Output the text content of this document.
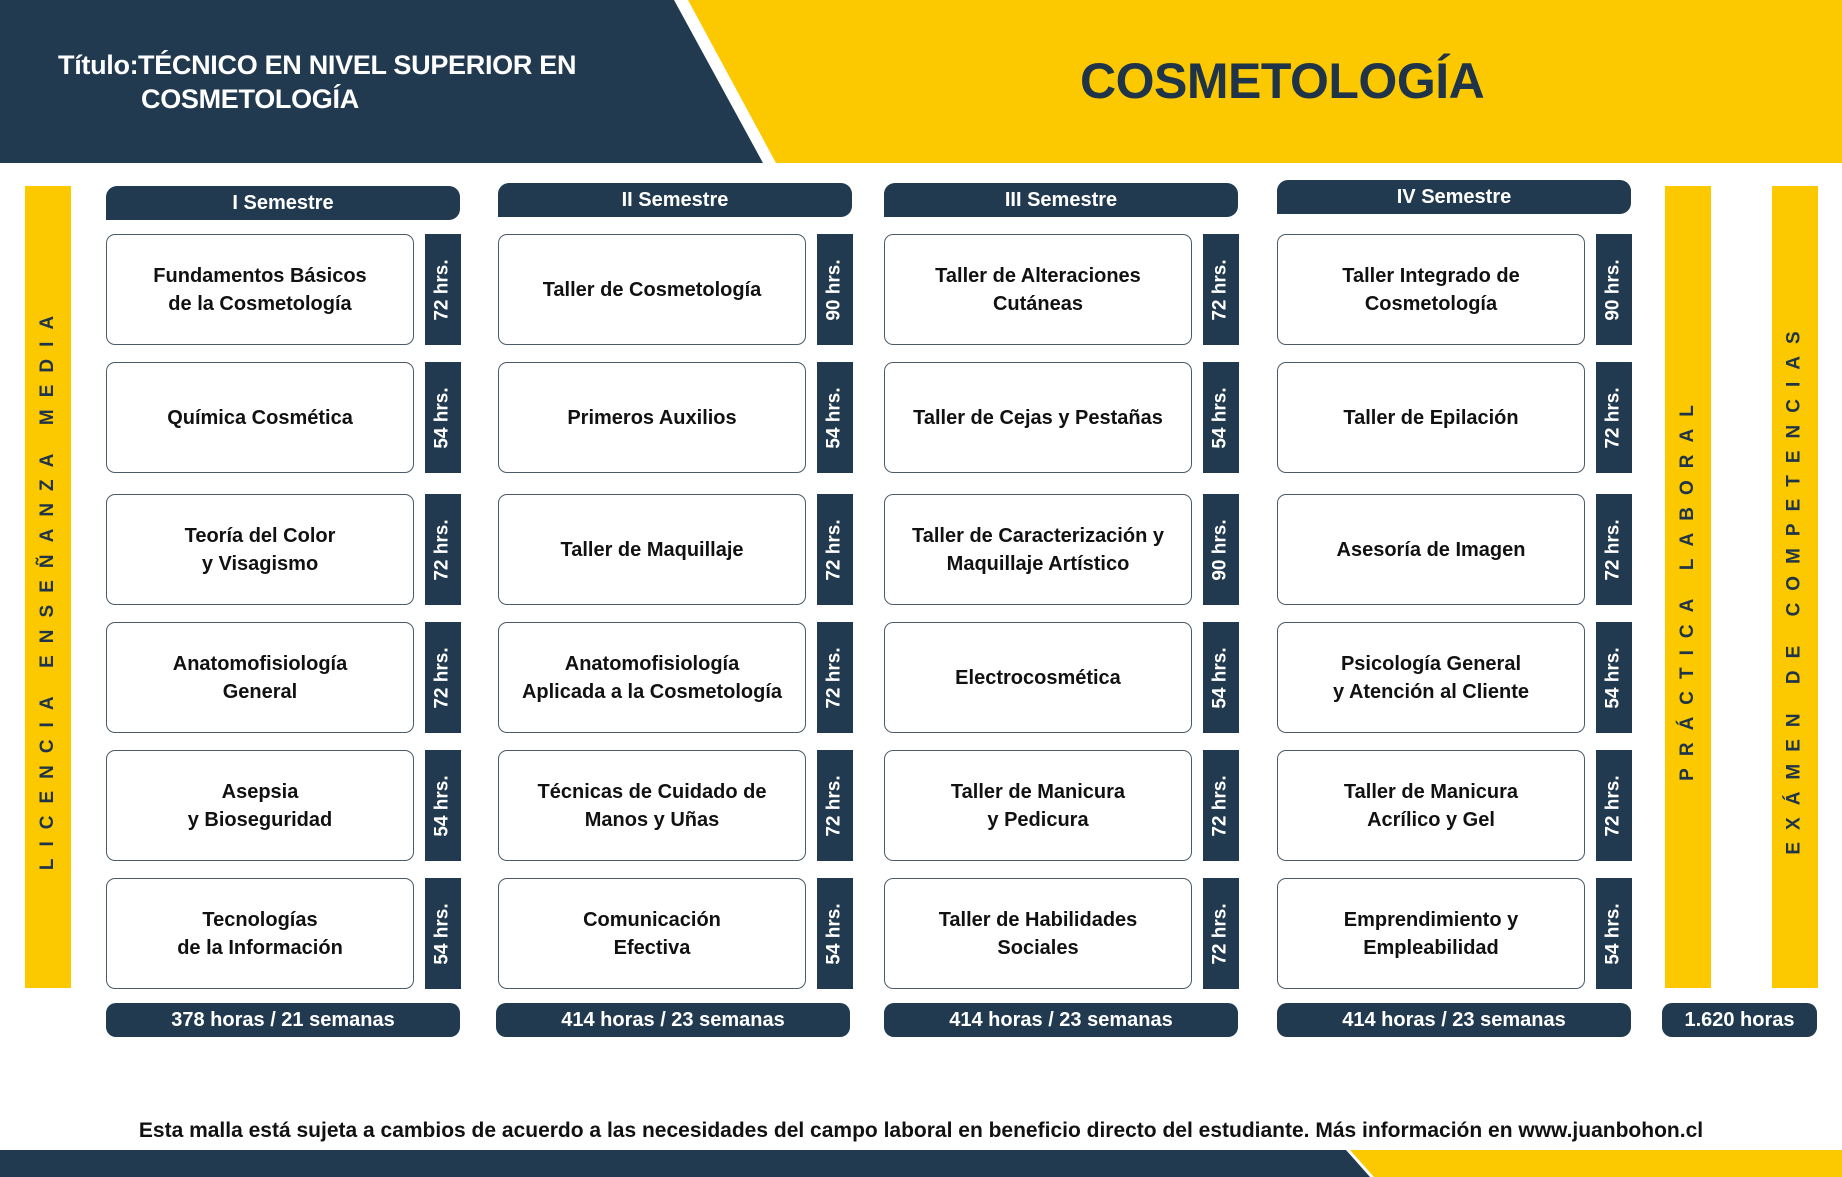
Título: TÉCNICO EN NIVEL SUPERIOR EN
COSMETOLOGÍA	COSMETOLOGÍA
LICENCIA ENSEÑANZA MEDIA	PRÁCTICA LABORAL	EXÁMEN DE COMPETENCIAS
I Semestre
Fundamentos Básicos
de la Cosmetología	72 hrs.
Química Cosmética	54 hrs.
Teoría del Color
y Visagismo	72 hrs.
Anatomofisiología
General	72 hrs.
Asepsia
y Bioseguridad	54 hrs.
Tecnologías
de la Información	54 hrs.
378 horas / 21 semanas
II Semestre
Taller de Cosmetología	90 hrs.
Primeros Auxilios	54 hrs.
Taller de Maquillaje	72 hrs.
Anatomofisiología
Aplicada a la Cosmetología	72 hrs.
Técnicas de Cuidado de
Manos y Uñas	72 hrs.
Comunicación
Efectiva	54 hrs.
414 horas / 23 semanas
III Semestre
Taller de Alteraciones
Cutáneas	72 hrs.
Taller de Cejas y Pestañas	54 hrs.
Taller de Caracterización y
Maquillaje Artístico	90 hrs.
Electrocosmética	54 hrs.
Taller de Manicura
y Pedicura	72 hrs.
Taller de Habilidades
Sociales	72 hrs.
414 horas / 23 semanas
IV Semestre
Taller Integrado de
Cosmetología	90 hrs.
Taller de Epilación	72 hrs.
Asesoría de Imagen	72 hrs.
Psicología General
y Atención al Cliente	54 hrs.
Taller de Manicura
Acrílico y Gel	72 hrs.
Emprendimiento y
Empleabilidad	54 hrs.
414 horas / 23 semanas	1.620 horas
Esta malla está sujeta a cambios de acuerdo a las necesidades del campo laboral en beneficio directo del estudiante. Más información en www.juanbohon.cl
